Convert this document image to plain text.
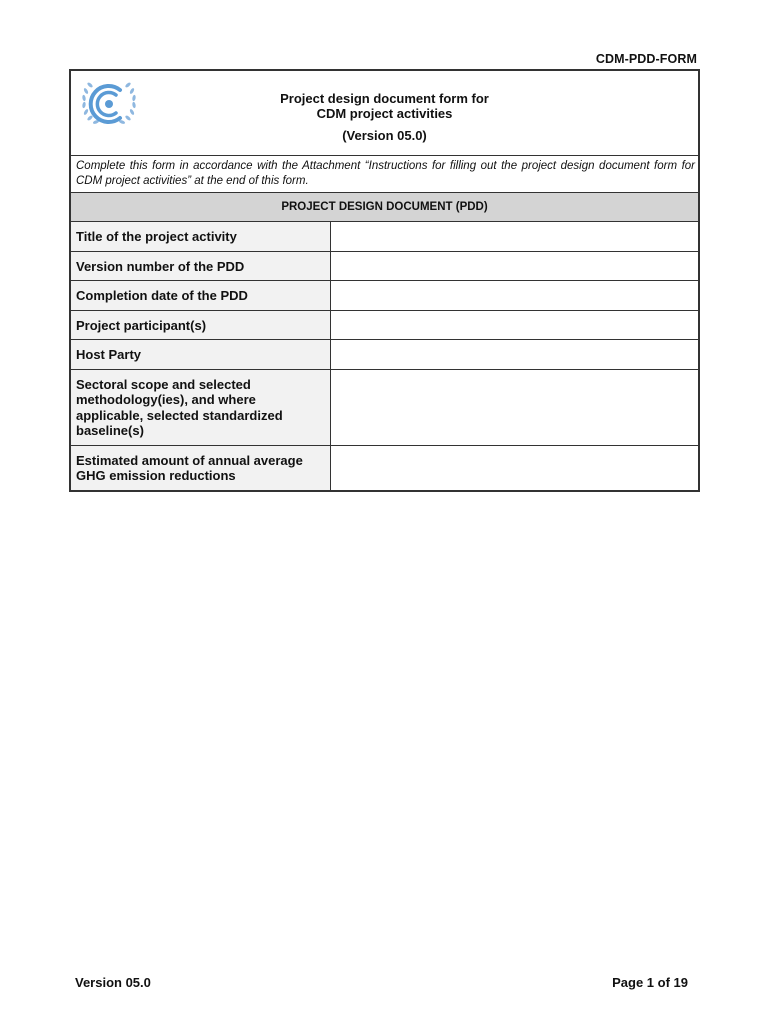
CDM-PDD-FORM
Project design document form for
CDM project activities
(Version 05.0)
Complete this form in accordance with the Attachment “Instructions for filling out the project design document form for CDM project activities” at the end of this form.
PROJECT DESIGN DOCUMENT (PDD)
Title of the project activity	
Version number of the PDD	
Completion date of the PDD	
Project participant(s)	
Host Party	
Sectoral scope and selected methodology(ies), and where applicable, selected standardized baseline(s)	
Estimated amount of annual average GHG emission reductions	
Version 05.0	Page 1 of 19
